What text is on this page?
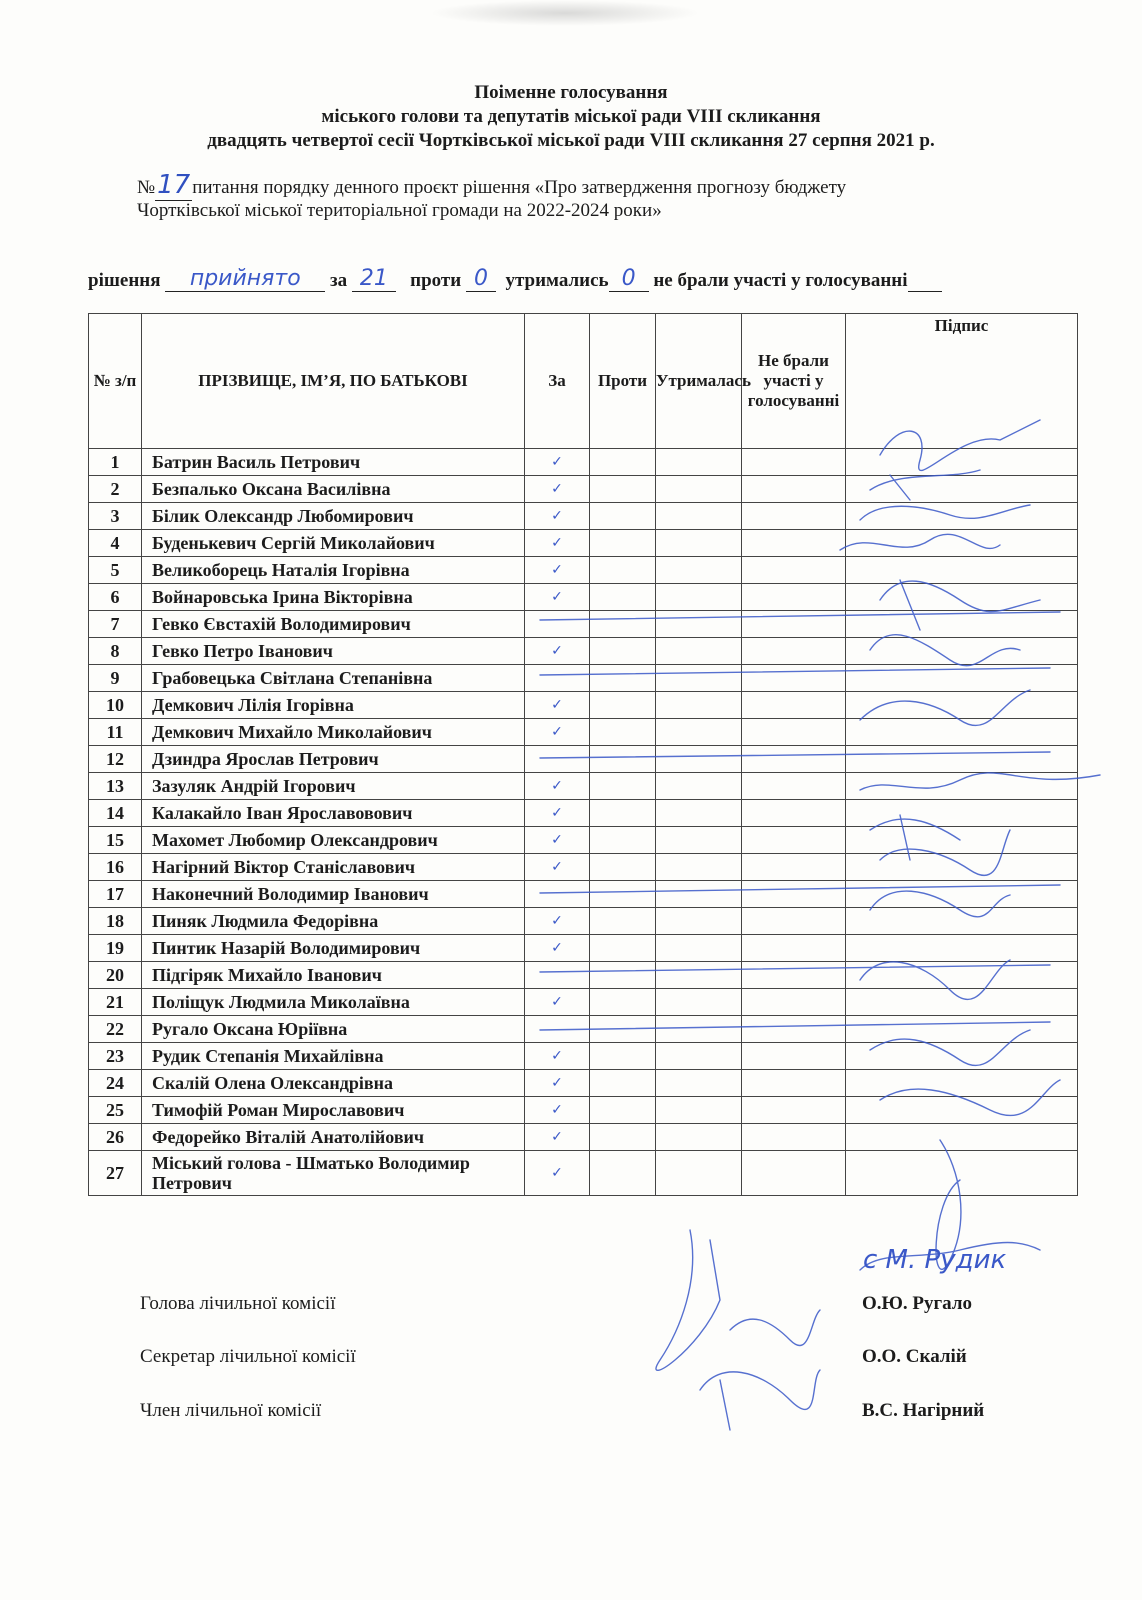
Поіменне голосування
міського голови та депутатів міської ради VIII скликання
двадцять четвертої сесії Чортківської міської ради VIII скликання 27 серпня 2021 р.
№17 питання порядку денного проєкт рішення «Про затвердження прогнозу бюджету
Чортківської міської територіальної громади на 2022-2024 роки»
рішення прийнято за 21 проти 0 утримались 0 не брали участі у голосуванні
№ з/п	ПРІЗВИЩЕ, ІМ’Я, ПО БАТЬКОВІ	За	Проти	Утрималась	Не брали участі у голосуванні	Підпис
1	Батрин Василь Петрович	✓				
2	Безпалько Оксана Василівна	✓				
3	Білик Олександр Любомирович	✓				
4	Буденькевич Сергій Миколайович	✓				
5	Великоборець Наталія Ігорівна	✓				
6	Войнаровська Ірина Вікторівна	✓				
7	Гевко Євстахій Володимирович					
8	Гевко Петро Іванович	✓				
9	Грабовецька Світлана Степанівна					
10	Демкович Лілія Ігорівна	✓				
11	Демкович Михайло Миколайович	✓				
12	Дзиндра Ярослав Петрович					
13	Зазуляк Андрій Ігорович	✓				
14	Калакайло Іван Ярославовович	✓				
15	Махомет Любомир Олександрович	✓				
16	Нагірний Віктор Станіславович	✓				
17	Наконечний Володимир Іванович					
18	Пиняк Людмила Федорівна	✓				
19	Пинтик Назарій Володимирович	✓				
20	Підгіряк Михайло Іванович					
21	Поліщук Людмила Миколаївна	✓				
22	Ругало Оксана Юріївна					
23	Рудик Степанія Михайлівна	✓				
24	Скалій Олена Олександрівна	✓				
25	Тимофій Роман Мирославович	✓				
26	Федорейко Віталій Анатолійович	✓				
27	Міський голова - Шматько Володимир Петрович	✓				
с М. Рудик
Голова лічильної комісії	О.Ю. Ругало
Секретар лічильної комісії	О.О. Скалій
Член лічильної комісії	В.С. Нагірний
